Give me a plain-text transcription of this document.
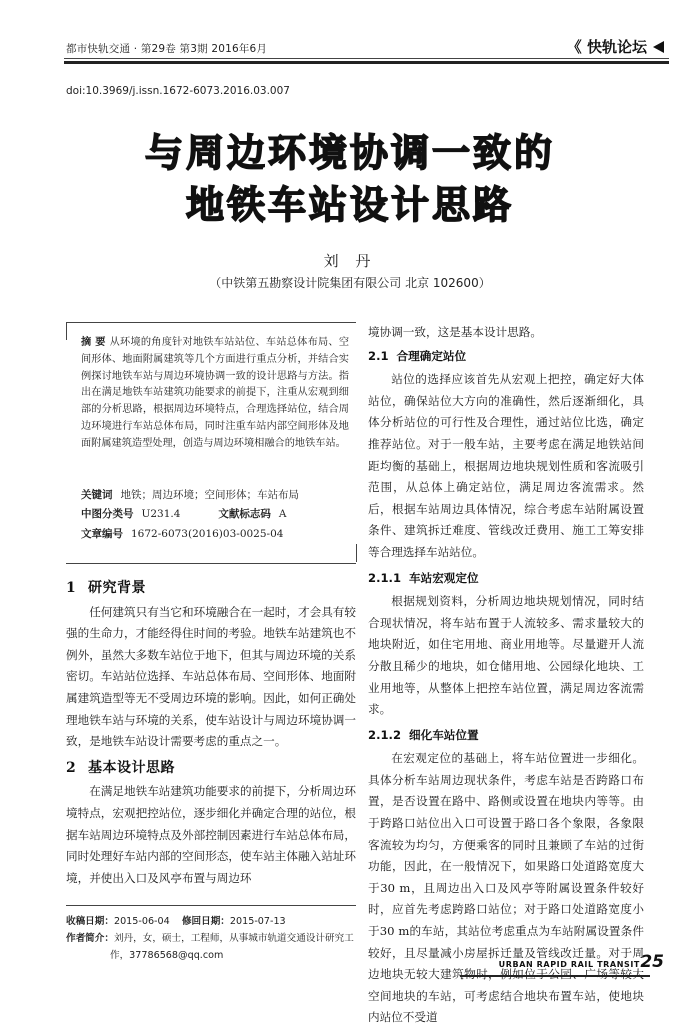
都市快轨交通 · 第29卷 第3期 2016年6月	《 快轨论坛
doi:10.3969/j.issn.1672-6073.2016.03.007
与周边环境协调一致的
地铁车站设计思路
刘 丹
（中铁第五勘察设计院集团有限公司 北京 102600）
摘 要 从环境的角度针对地铁车站站位、车站总体布局、空间形体、地面附属建筑等几个方面进行重点分析，并结合实例探讨地铁车站与周边环境协调一致的设计思路与方法。指出在满足地铁车站建筑功能要求的前提下，注重从宏观到细部的分析思路，根据周边环境特点，合理选择站位，结合周边环境进行车站总体布局，同时注重车站内部空间形体及地面附属建筑造型处理，创造与周边环境相融合的地铁车站。
关键词 地铁；周边环境；空间形体；车站布局
中图分类号 U231.4	文献标志码 A
文章编号 1672-6073(2016)03-0025-04
1 研究背景

任何建筑只有当它和环境融合在一起时，才会具有较强的生命力，才能经得住时间的考验。地铁车站建筑也不例外，虽然大多数车站位于地下，但其与周边环境的关系密切。车站站位选择、车站总体布局、空间形体、地面附属建筑造型等无不受周边环境的影响。因此，如何正确处理地铁车站与环境的关系，使车站设计与周边环境协调一致，是地铁车站设计需要考虑的重点之一。

2 基本设计思路

在满足地铁车站建筑功能要求的前提下，分析周边环境特点，宏观把控站位，逐步细化并确定合理的站位，根据车站周边环境特点及外部控制因素进行车站总体布局，同时处理好车站内部的空间形态，使车站主体融入站址环境，并使出入口及风亭布置与周边环

收稿日期：2015-06-04 修回日期：2015-07-13
作者简介：刘丹，女，硕士，工程师，从事城市轨道交通设计研究工
作，37786568@qq.com

境协调一致，这是基本设计思路。

2.1 合理确定站位

站位的选择应该首先从宏观上把控，确定好大体站位，确保站位大方向的准确性，然后逐渐细化，具体分析站位的可行性及合理性，通过站位比选，确定推荐站位。对于一般车站，主要考虑在满足地铁站间距均衡的基础上，根据周边地块规划性质和客流吸引范围，从总体上确定站位，满足周边客流需求。然后，根据车站周边具体情况，综合考虑车站附属设置条件、建筑拆迁难度、管线改迁费用、施工工筹安排等合理选择车站站位。

2.1.1 车站宏观定位

根据规划资料，分析周边地块规划情况，同时结合现状情况，将车站布置于人流较多、需求量较大的地块附近，如住宅用地、商业用地等。尽量避开人流分散且稀少的地块，如仓储用地、公园绿化地块、工业用地等，从整体上把控车站位置，满足周边客流需求。

2.1.2 细化车站位置

在宏观定位的基础上，将车站位置进一步细化。具体分析车站周边现状条件，考虑车站是否跨路口布置，是否设置在路中、路侧或设置在地块内等等。由于跨路口站位出入口可设置于路口各个象限，各象限客流较为均匀，方便乘客的同时且兼顾了车站的过街功能，因此，在一般情况下，如果路口处道路宽度大于30 m，且周边出入口及风亭等附属设置条件较好时，应首先考虑跨路口站位；对于路口处道路宽度小于30 m的车站，其站位考虑重点为车站附属设置条件较好，且尽量减小房屋拆迁量及管线改迁量。对于周边地块无较大建筑物时，例如位于公园、广场等较大空间地块的车站，可考虑结合地块布置车站，使地块内站位不受道

URBAN RAPID RAIL TRANSIT 25
